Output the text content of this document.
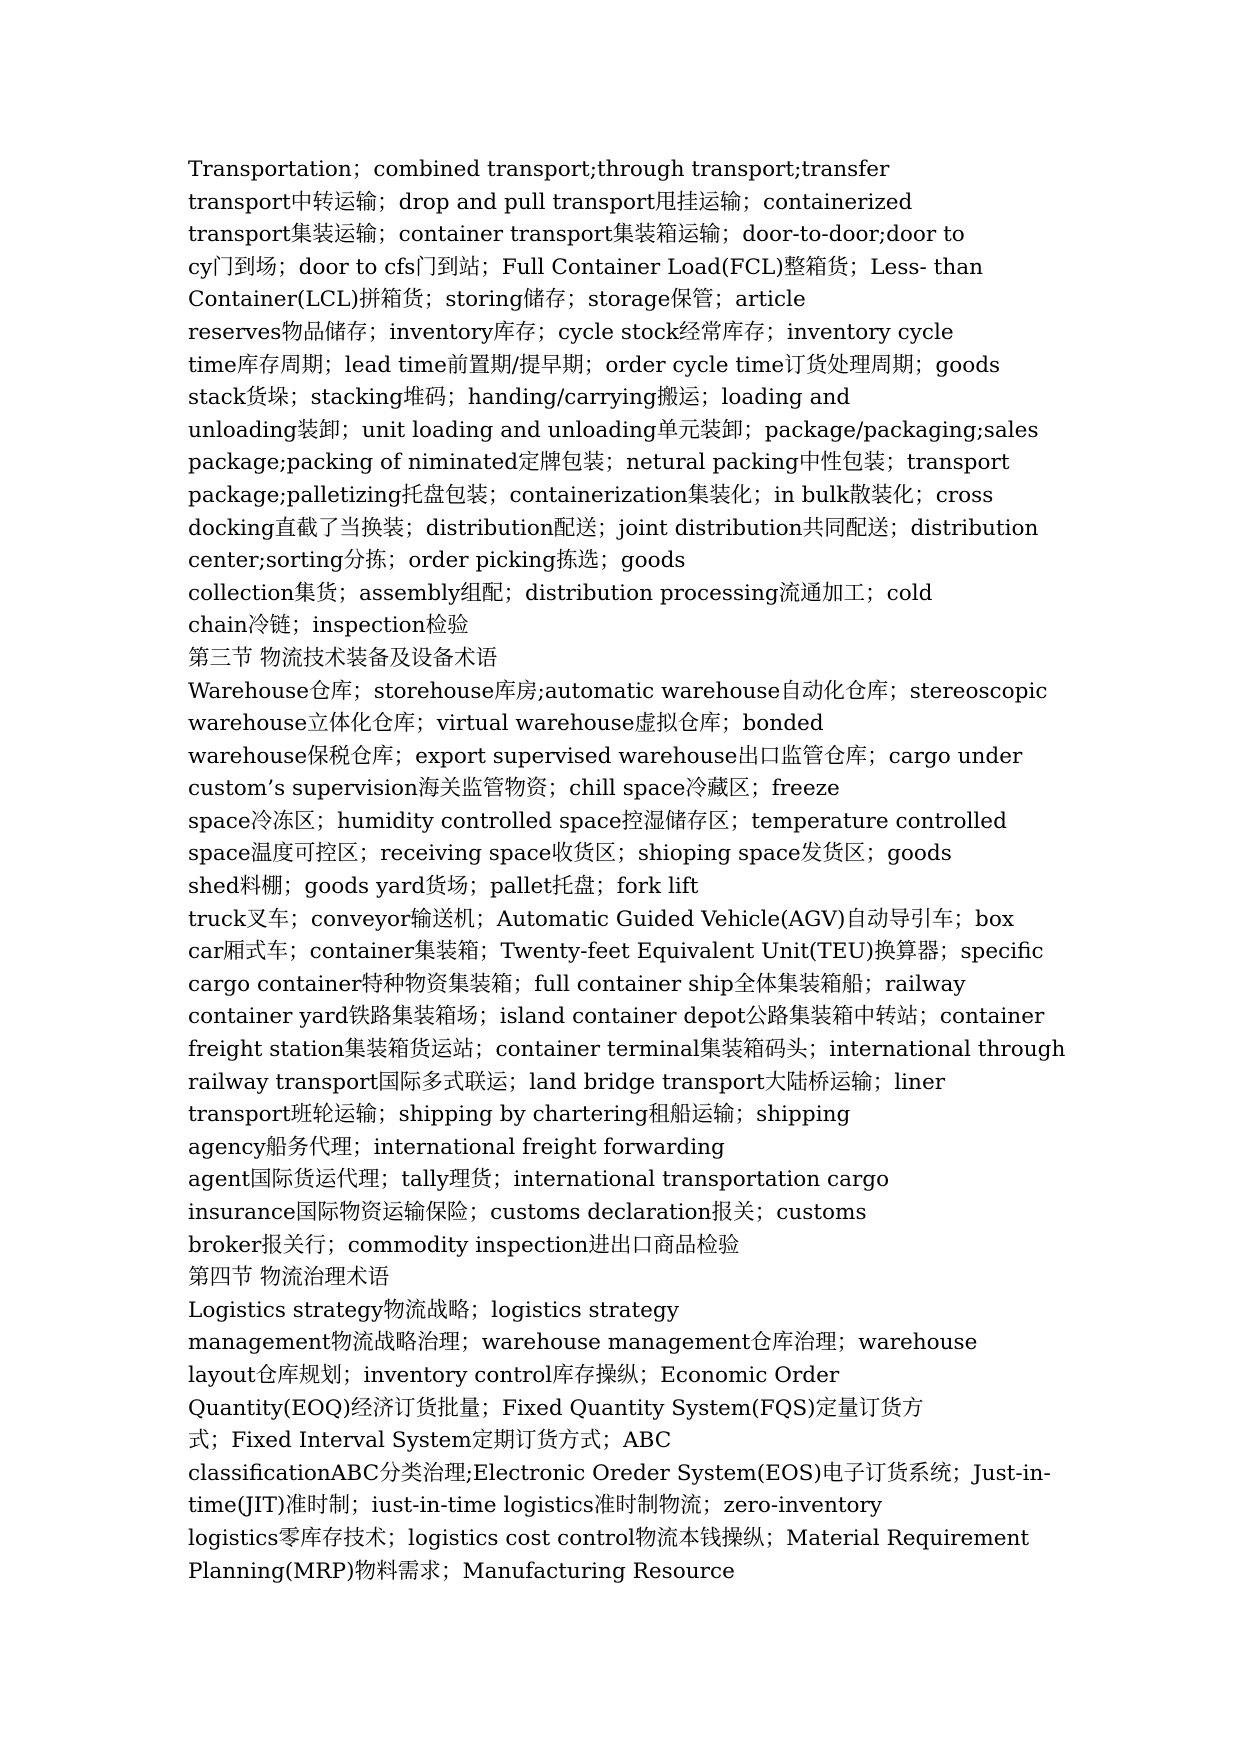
Transportation；combined transport;through transport;transfer
transport中转运输；drop and pull transport甩挂运输；containerized
transport集装运输；container transport集装箱运输；door-to-door;door to
cy门到场；door to cfs门到站；Full Container Load(FCL)整箱货；Less- than
Container(LCL)拼箱货；storing储存；storage保管；article
reserves物品储存；inventory库存；cycle stock经常库存；inventory cycle
time库存周期；lead time前置期/提早期；order cycle time订货处理周期；goods
stack货垛；stacking堆码；handing/carrying搬运；loading and
unloading装卸；unit loading and unloading单元装卸；package/packaging;sales
package;packing of niminated定牌包装；netural packing中性包装；transport
package;palletizing托盘包装；containerization集装化；in bulk散装化；cross
docking直截了当换装；distribution配送；joint distribution共同配送；distribution
center;sorting分拣；order picking拣选；goods
collection集货；assembly组配；distribution processing流通加工；cold
chain冷链；inspection检验
第三节 物流技术装备及设备术语
Warehouse仓库；storehouse库房;automatic warehouse自动化仓库；stereoscopic
warehouse立体化仓库；virtual warehouse虚拟仓库；bonded
warehouse保税仓库；export supervised warehouse出口监管仓库；cargo under
custom’s supervision海关监管物资；chill space冷藏区；freeze
space冷冻区；humidity controlled space控湿储存区；temperature controlled
space温度可控区；receiving space收货区；shioping space发货区；goods
shed料棚；goods yard货场；pallet托盘；fork lift
truck叉车；conveyor输送机；Automatic Guided Vehicle(AGV)自动导引车；box
car厢式车；container集装箱；Twenty-feet Equivalent Unit(TEU)换算器；specific
cargo container特种物资集装箱；full container ship全体集装箱船；railway
container yard铁路集装箱场；island container depot公路集装箱中转站；container
freight station集装箱货运站；container terminal集装箱码头；international through
railway transport国际多式联运；land bridge transport大陆桥运输；liner
transport班轮运输；shipping by chartering租船运输；shipping
agency船务代理；international freight forwarding
agent国际货运代理；tally理货；international transportation cargo
insurance国际物资运输保险；customs declaration报关；customs
broker报关行；commodity inspection进出口商品检验
第四节 物流治理术语
Logistics strategy物流战略；logistics strategy
management物流战略治理；warehouse management仓库治理；warehouse
layout仓库规划；inventory control库存操纵；Economic Order
Quantity(EOQ)经济订货批量；Fixed Quantity System(FQS)定量订货方
式；Fixed Interval System定期订货方式；ABC
classificationABC分类治理;Electronic Oreder System(EOS)电子订货系统；Just-in-
time(JIT)准时制；iust-in-time logistics准时制物流；zero-inventory
logistics零库存技术；logistics cost control物流本钱操纵；Material Requirement
Planning(MRP)物料需求；Manufacturing Resource
